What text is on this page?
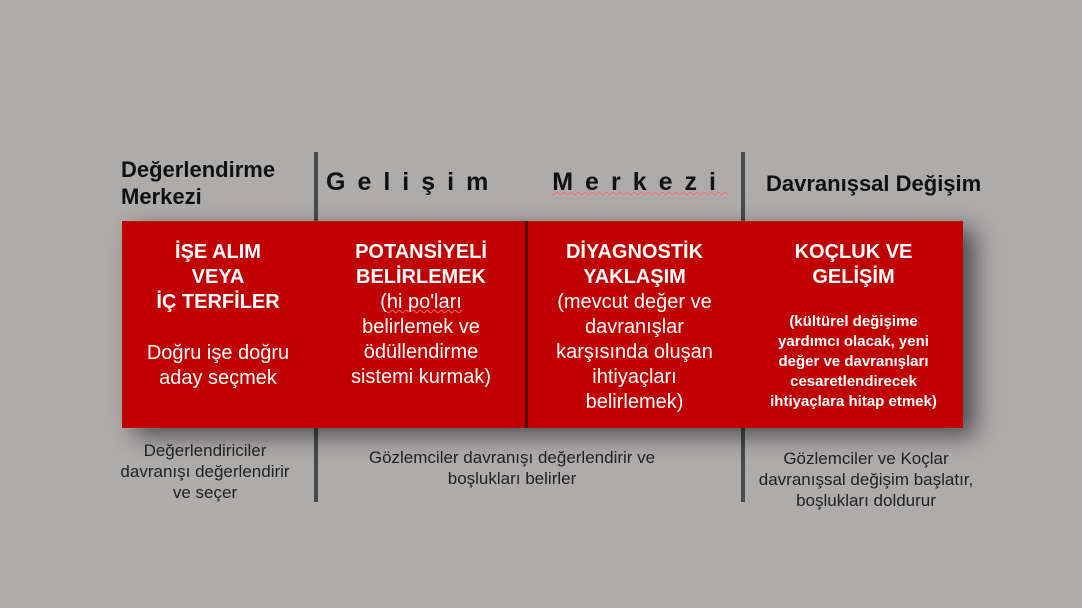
Değerlendirme Merkezi
Gelişim Merkezi Davranışsal Değişim
İŞE ALIM
VEYA
İÇ TERFİLER
Doğru işe doğru
aday seçmek
POTANSİYELİ
BELİRLEMEK
(hi po'ları
belirlemek ve
ödüllendirme
sistemi kurmak)
DİYAGNOSTİK
YAKLAŞIM
(mevcut değer ve
davranışlar
karşısında oluşan
ihtiyaçları
belirlemek)
KOÇLUK VE
GELİŞİM
(kültürel değişime
yardımcı olacak, yeni
değer ve davranışları
cesaretlendirecek
ihtiyaçlara hitap etmek)
Değerlendiriciler
davranışı değerlendirir
ve seçer
Gözlemciler davranışı değerlendirir ve
boşlukları belirler
Gözlemciler ve Koçlar
davranışsal değişim başlatır,
boşlukları doldurur
